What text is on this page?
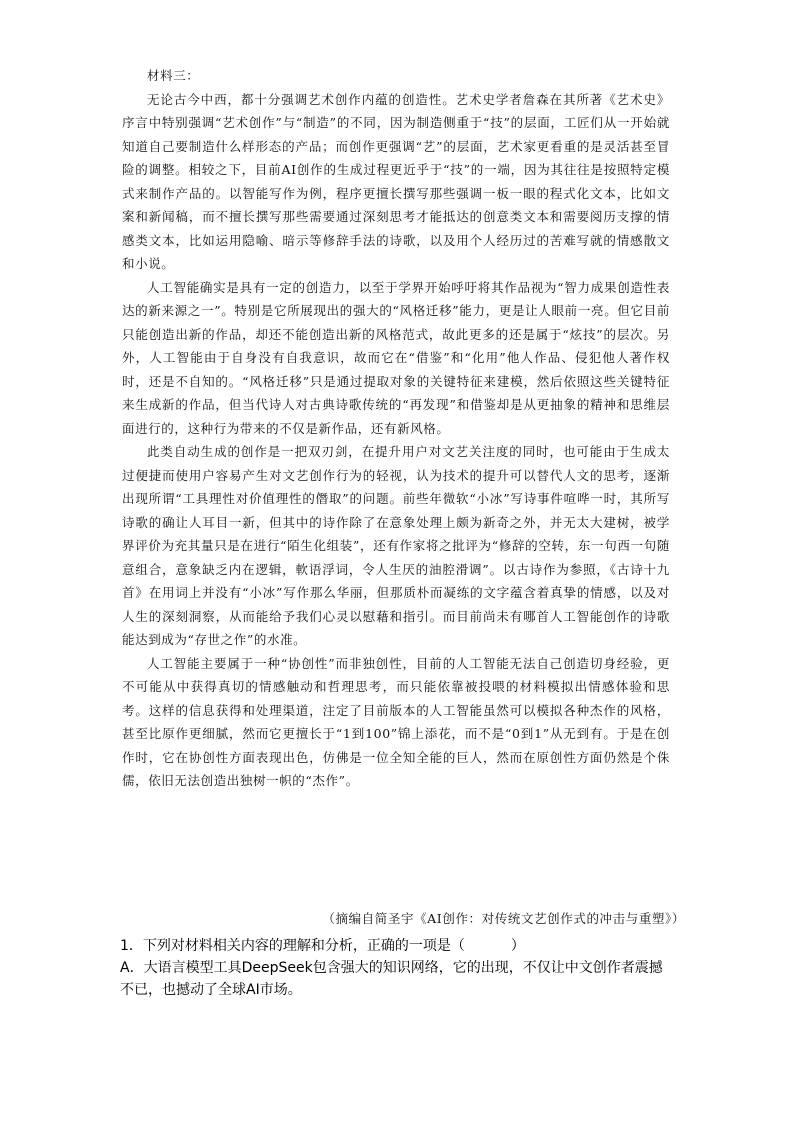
材料三：

无论古今中西，都十分强调艺术创作内蕴的创造性。艺术史学者詹森在其所著《艺术史》序言中特别强调“艺术创作”与“制造”的不同，因为制造侧重于“技”的层面，工匠们从一开始就知道自己要制造什么样形态的产品；而创作更强调“艺”的层面，艺术家更看重的是灵活甚至冒险的调整。相较之下，目前AI创作的生成过程更近乎于“技”的一端，因为其往往是按照特定模式来制作产品的。以智能写作为例，程序更擅长撰写那些强调一板一眼的程式化文本，比如文案和新闻稿，而不擅长撰写那些需要通过深刻思考才能抵达的创意类文本和需要阅历支撑的情感类文本，比如运用隐喻、暗示等修辞手法的诗歌，以及用个人经历过的苦难写就的情感散文和小说。

人工智能确实是具有一定的创造力，以至于学界开始呼吁将其作品视为“智力成果创造性表达的新来源之一”。特别是它所展现出的强大的“风格迁移”能力，更是让人眼前一亮。但它目前只能创造出新的作品，却还不能创造出新的风格范式，故此更多的还是属于“炫技”的层次。另外，人工智能由于自身没有自我意识，故而它在“借鉴”和“化用”他人作品、侵犯他人著作权时，还是不自知的。“风格迁移”只是通过提取对象的关键特征来建模，然后依照这些关键特征来生成新的作品，但当代诗人对古典诗歌传统的“再发现”和借鉴却是从更抽象的精神和思维层面进行的，这种行为带来的不仅是新作品，还有新风格。

此类自动生成的创作是一把双刃剑，在提升用户对文艺关注度的同时，也可能由于生成太过便捷而使用户容易产生对文艺创作行为的轻视，认为技术的提升可以替代人文的思考，逐渐出现所谓“工具理性对价值理性的僭取”的问题。前些年微软“小冰”写诗事件喧哗一时，其所写诗歌的确让人耳目一新，但其中的诗作除了在意象处理上颇为新奇之外，并无太大建树，被学界评价为充其量只是在进行“陌生化组装”，还有作家将之批评为“修辞的空转，东一句西一句随意组合，意象缺乏内在逻辑，軟语浮词，令人生厌的油腔滑调”。以古诗作为参照，《古诗十九首》在用词上并没有“小冰”写作那么华丽，但那质朴而凝练的文字蕴含着真挚的情感，以及对人生的深刻洞察，从而能给予我们心灵以慰藉和指引。而目前尚未有哪首人工智能创作的诗歌能达到成为“存世之作”的水准。

人工智能主要属于一种“协创性”而非独创性，目前的人工智能无法自己创造切身经验，更不可能从中获得真切的情感触动和哲理思考，而只能依靠被投喂的材料模拟出情感体验和思考。这样的信息获得和处理渠道，注定了目前版本的人工智能虽然可以模拟各种杰作的风格，甚至比原作更细腻，然而它更擅长于“1到100”锦上添花，而不是“0到1”从无到有。于是在创作时，它在协创性方面表现出色，仿佛是一位全知全能的巨人，然而在原创性方面仍然是个侏儒，依旧无法创造出独树一帜的“杰作”。

（摘编自简圣宇《AI创作：对传统文艺创作式的冲击与重塑》）

1．下列对材料相关内容的理解和分析，正确的一项是（	）

A．大语言模型工具DeepSeek包含强大的知识网络，它的出现，不仅让中文创作者震撼不已，也撼动了全球AI市场。
